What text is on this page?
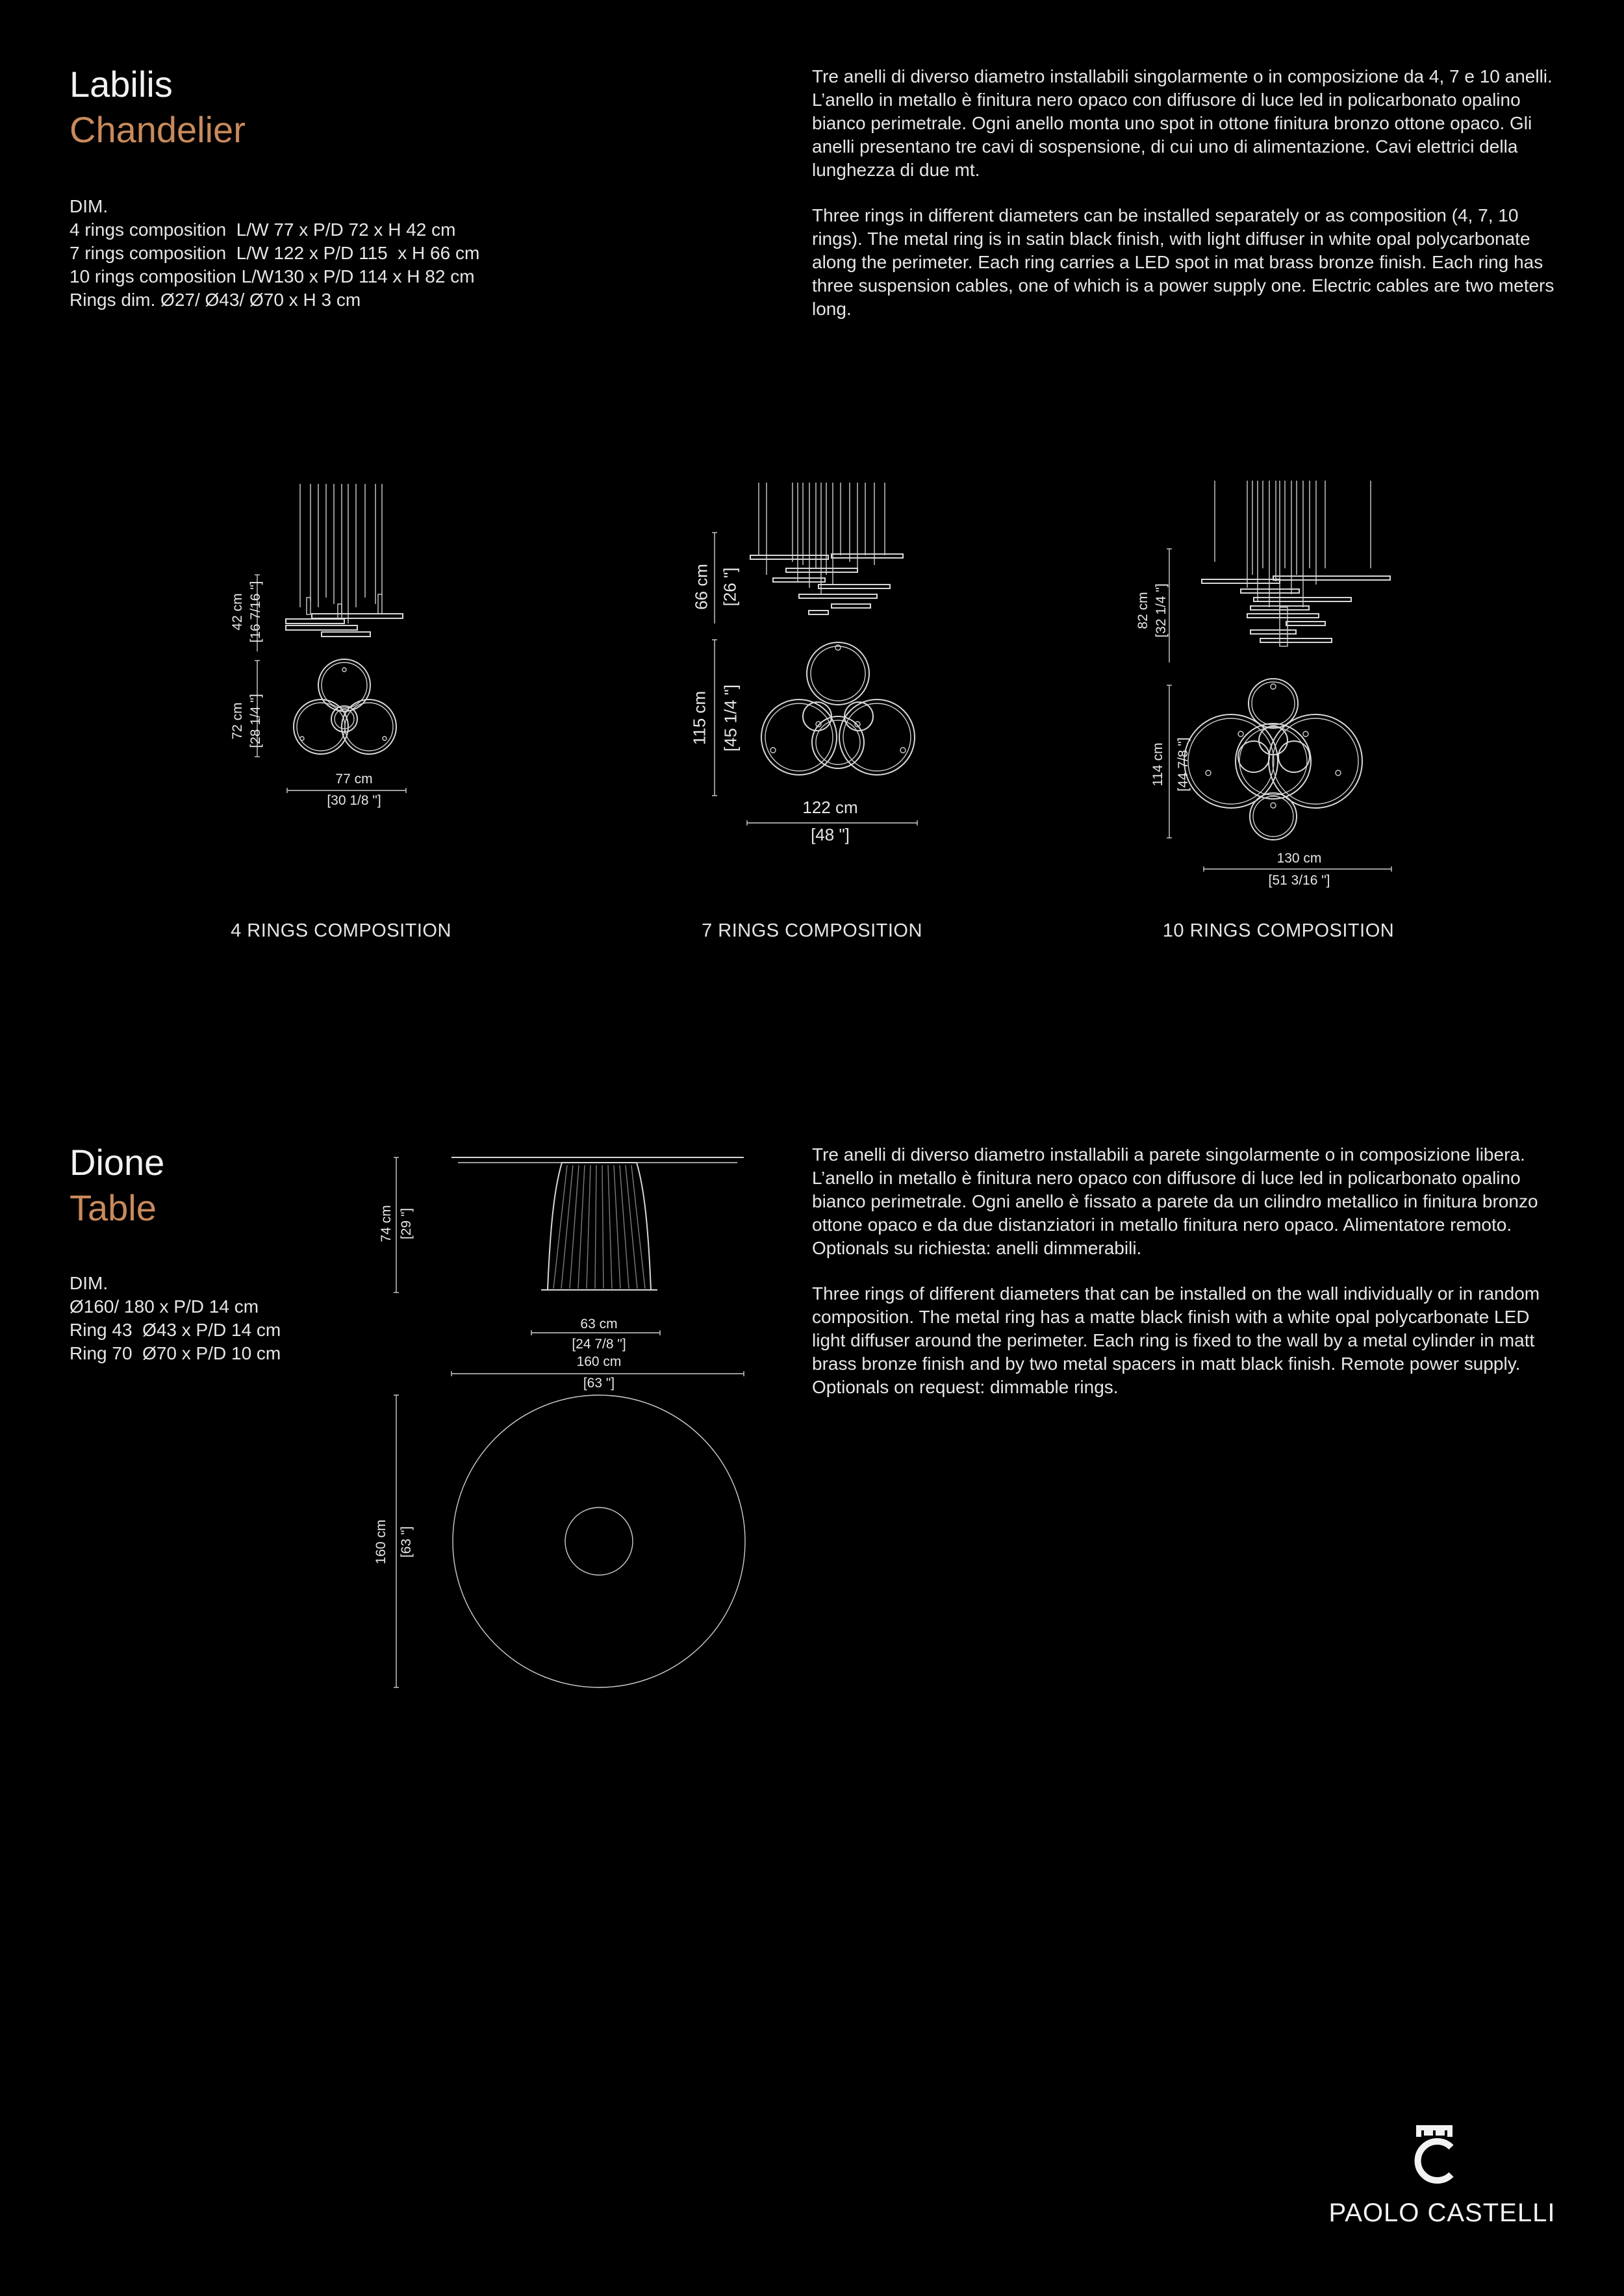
Labilis
Chandelier
DIM.
4 rings composition  L/W 77 x P/D 72 x H 42 cm
7 rings composition  L/W 122 x P/D 115  x H 66 cm
10 rings composition L/W130 x P/D 114 x H 82 cm
Rings dim. Ø27/ Ø43/ Ø70 x H 3 cm
Tre anelli di diverso diametro installabili singolarmente o in composizione da 4, 7 e 10 anelli. L’anello in metallo è finitura nero opaco con diffusore di luce led in policarbonato opalino bianco perimetrale. Ogni anello monta uno spot in ottone finitura bronzo ottone opaco. Gli anelli presentano tre cavi di sospensione, di cui uno di alimentazione. Cavi elettrici della lunghezza di due mt.
Three rings in different diameters can be installed separately or as composition (4, 7, 10 rings). The metal ring is in satin black finish, with light diffuser in white opal polycarbonate along the perimeter. Each ring carries a LED spot in mat brass bronze finish. Each ring has three suspension cables, one of which is a power supply one. Electric cables are two meters long.
42 cm [16 7/16 "]
72 cm [28 1/4 "]
77 cm
[30 1/8 "]
4 RINGS COMPOSITION
66 cm [26 "]
115 cm [45 1/4 "]
122 cm
[48 "]
7 RINGS COMPOSITION
82 cm [32 1/4 "]
114 cm [44 7/8 "]
130 cm
[51 3/16 "]
10 RINGS COMPOSITION
Dione
Table
DIM.
Ø160/ 180 x P/D 14 cm
Ring 43  Ø43 x P/D 14 cm
Ring 70  Ø70 x P/D 10 cm
Tre anelli di diverso diametro installabili a parete singolarmente o in composizione libera. L’anello in metallo è finitura nero opaco con diffusore di luce led in policarbonato opalino bianco perimetrale. Ogni anello è fissato a parete da un cilindro metallico in finitura bronzo ottone opaco e da due distanziatori in metallo finitura nero opaco. Alimentatore remoto. Optionals su richiesta: anelli dimmerabili.
Three rings of different diameters that can be installed on the wall individually or in random composition. The metal ring has a matte black finish with a white opal polycarbonate LED light diffuser around the perimeter. Each ring is fixed to the wall by a metal cylinder in matt brass bronze finish and by two metal spacers in matt black finish. Remote power supply. Optionals on request: dimmable rings.
74 cm [29 "]
63 cm
[24 7/8 "]
160 cm
[63 "]
160 cm [63 "]
PAOLO CASTELLI
